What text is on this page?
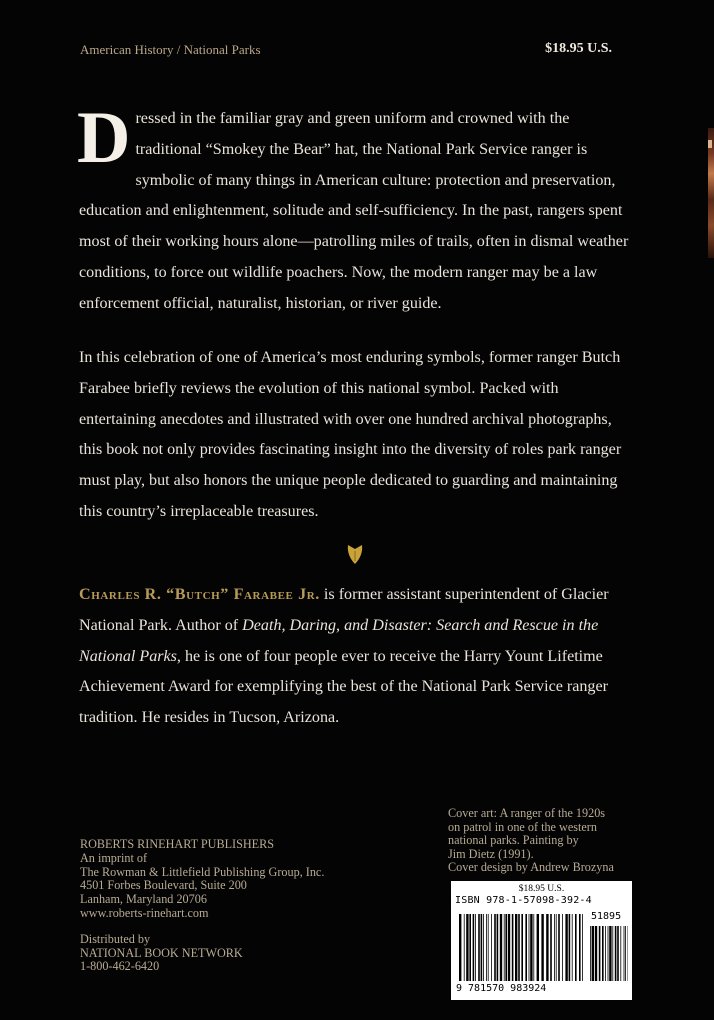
American History / National Parks	$18.95 U.S.

Dressed in the familiar gray and green uniform and crowned with the traditional “Smokey the Bear” hat, the National Park Service ranger is symbolic of many things in American culture: protection and preservation, education and enlightenment, solitude and self-sufficiency. In the past, rangers spent most of their working hours alone—patrolling miles of trails, often in dismal weather conditions, to force out wildlife poachers. Now, the modern ranger may be a law enforcement official, naturalist, historian, or river guide.

In this celebration of one of America’s most enduring symbols, former ranger Butch Farabee briefly reviews the evolution of this national symbol. Packed with entertaining anecdotes and illustrated with over one hundred archival photographs, this book not only provides fascinating insight into the diversity of roles park ranger must play, but also honors the unique people dedicated to guarding and maintaining this country’s irreplaceable treasures.

Charles R. “Butch” Farabee Jr. is former assistant superintendent of Glacier National Park. Author of Death, Daring, and Disaster: Search and Rescue in the National Parks, he is one of four people ever to receive the Harry Yount Lifetime Achievement Award for exemplifying the best of the National Park Service ranger tradition. He resides in Tucson, Arizona.

ROBERTS RINEHART PUBLISHERS
An imprint of
The Rowman & Littlefield Publishing Group, Inc.
4501 Forbes Boulevard, Suite 200
Lanham, Maryland 20706
www.roberts-rinehart.com
Distributed by
NATIONAL BOOK NETWORK
1-800-462-6420
Cover art: A ranger of the 1920s
on patrol in one of the western
national parks. Painting by
Jim Dietz (1991).
Cover design by Andrew Brozyna
$18.95 U.S.
ISBN 978-1-57098-392-4
51895
9 781570 983924
